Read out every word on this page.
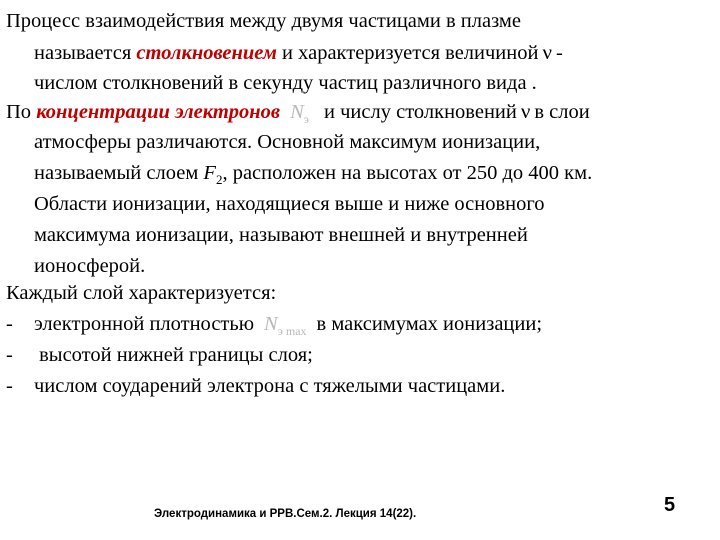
Процесс взаимодействия между двумя частицами в плазме
называется столкновением и характеризуется величиной ν -
числом столкновений в секунду частиц различного вида .
По концентрации электронов $N_э$ и числу столкновений ν в слои
атмосферы различаются. Основной максимум ионизации,
называемый слоем $F_2$, расположен на высотах от 250 до 400 км.
Области ионизации, находящиеся выше и ниже основного
максимума ионизации, называют внешней и внутренней
ионосферой.
Каждый слой характеризуется:
- электронной плотностью $N_{э max}$ в максимумах ионизации;
- высотой нижней границы слоя;
- числом соударений электрона с тяжелыми частицами.
Электродинамика и РРВ.Сем.2. Лекция 14(22).	5
